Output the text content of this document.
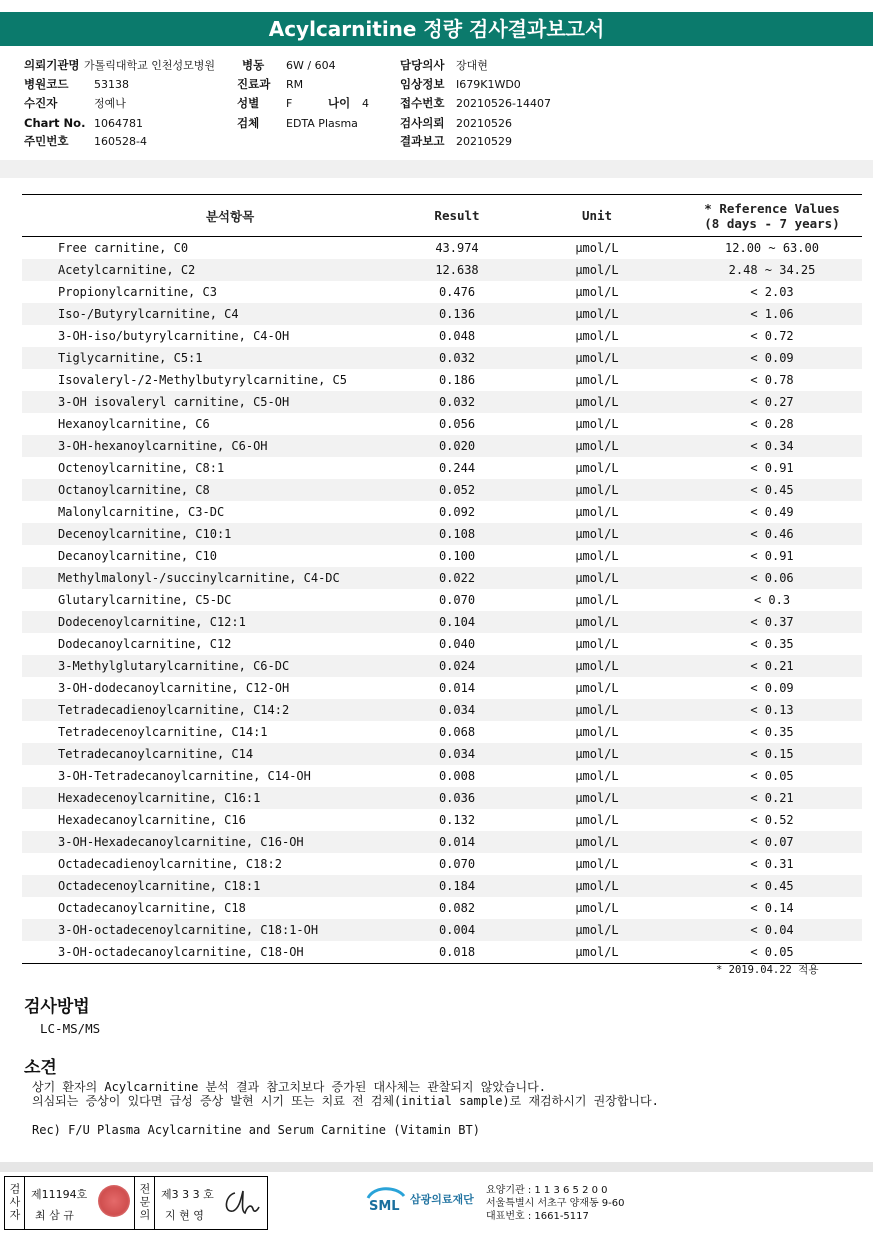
Acylcarnitine 정량 검사결과보고서
의뢰기관명 가톨릭대학교 인천성모병원 병동 6W / 604	담당의사 장대현
병원코드 53138	진료과 RM	임상정보 I679K1WD0
수진자	정예나	성별 F	나이 4	접수번호 20210526-14407
Chart No. 1064781	검체 EDTA Plasma	검사의뢰 20210526
주민번호 160528-4	결과보고 20210529
분석항목	Result	Unit	* Reference Values
(8 days - 7 years)

Free carnitine, C0	43.974	μmol/L	12.00 ~ 63.00
Acetylcarnitine, C2	12.638	μmol/L	2.48 ~ 34.25
Propionylcarnitine, C3	0.476	μmol/L	< 2.03
Iso-/Butyrylcarnitine, C4	0.136	μmol/L	< 1.06
3-OH-iso/butyrylcarnitine, C4-OH	0.048	μmol/L	< 0.72
Tiglycarnitine, C5:1	0.032	μmol/L	< 0.09
Isovaleryl-/2-Methylbutyrylcarnitine, C5	0.186	μmol/L	< 0.78
3-OH isovaleryl carnitine, C5-OH	0.032	μmol/L	< 0.27
Hexanoylcarnitine, C6	0.056	μmol/L	< 0.28
3-OH-hexanoylcarnitine, C6-OH	0.020	μmol/L	< 0.34
Octenoylcarnitine, C8:1	0.244	μmol/L	< 0.91
Octanoylcarnitine, C8	0.052	μmol/L	< 0.45
Malonylcarnitine, C3-DC	0.092	μmol/L	< 0.49
Decenoylcarnitine, C10:1	0.108	μmol/L	< 0.46
Decanoylcarnitine, C10	0.100	μmol/L	< 0.91
Methylmalonyl-/succinylcarnitine, C4-DC	0.022	μmol/L	< 0.06
Glutarylcarnitine, C5-DC	0.070	μmol/L	< 0.3
Dodecenoylcarnitine, C12:1	0.104	μmol/L	< 0.37
Dodecanoylcarnitine, C12	0.040	μmol/L	< 0.35
3-Methylglutarylcarnitine, C6-DC	0.024	μmol/L	< 0.21
3-OH-dodecanoylcarnitine, C12-OH	0.014	μmol/L	< 0.09
Tetradecadienoylcarnitine, C14:2	0.034	μmol/L	< 0.13
Tetradecenoylcarnitine, C14:1	0.068	μmol/L	< 0.35
Tetradecanoylcarnitine, C14	0.034	μmol/L	< 0.15
3-OH-Tetradecanoylcarnitine, C14-OH	0.008	μmol/L	< 0.05
Hexadecenoylcarnitine, C16:1	0.036	μmol/L	< 0.21
Hexadecanoylcarnitine, C16	0.132	μmol/L	< 0.52
3-OH-Hexadecanoylcarnitine, C16-OH	0.014	μmol/L	< 0.07
Octadecadienoylcarnitine, C18:2	0.070	μmol/L	< 0.31
Octadecenoylcarnitine, C18:1	0.184	μmol/L	< 0.45
Octadecanoylcarnitine, C18	0.082	μmol/L	< 0.14
3-OH-octadecenoylcarnitine, C18:1-OH	0.004	μmol/L	< 0.04
3-OH-octadecanoylcarnitine, C18-OH	0.018	μmol/L	< 0.05
* 2019.04.22 적용
검사방법
LC-MS/MS
소견
상기 환자의 Acylcarnitine 분석 결과 참고치보다 증가된 대사체는 관찰되지 않았습니다.
의심되는 증상이 있다면 급성 증상 발현 시기 또는 치료 전 검체(initial sample)로 재검하시기 권장합니다.
Rec) F/U Plasma Acylcarnitine and Serum Carnitine (Vitamin BT)
검사자 제11194호
최 삼 규	전문의 제3 3 3 호
지 현 영
SML 삼광의료재단
요양기관 : 1 1 3 6 5 2 0 0
서울특별시 서초구 양재동 9-60
대표번호 : 1661-5117
